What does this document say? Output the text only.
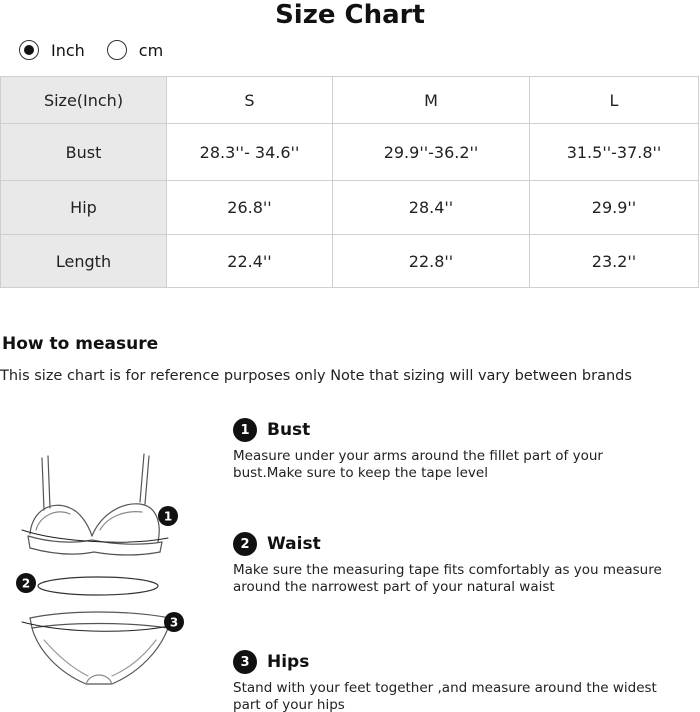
Size Chart
Inch	cm
Size(Inch)	S	M	L
Bust	28.3''- 34.6''	29.9''-36.2''	31.5''-37.8''
Hip	26.8''	28.4''	29.9''
Length	22.4''	22.8''	23.2''
How to measure
This size chart is for reference purposes only Note that sizing will vary between brands
1
2
3
1	Bust
Measure under your arms around the fillet part of your bust.Make sure to keep the tape level
2	Waist
Make sure the measuring tape fits comfortably as you measure around the narrowest part of your natural waist
3	Hips
Stand with your feet together ,and measure around the widest part of your hips
